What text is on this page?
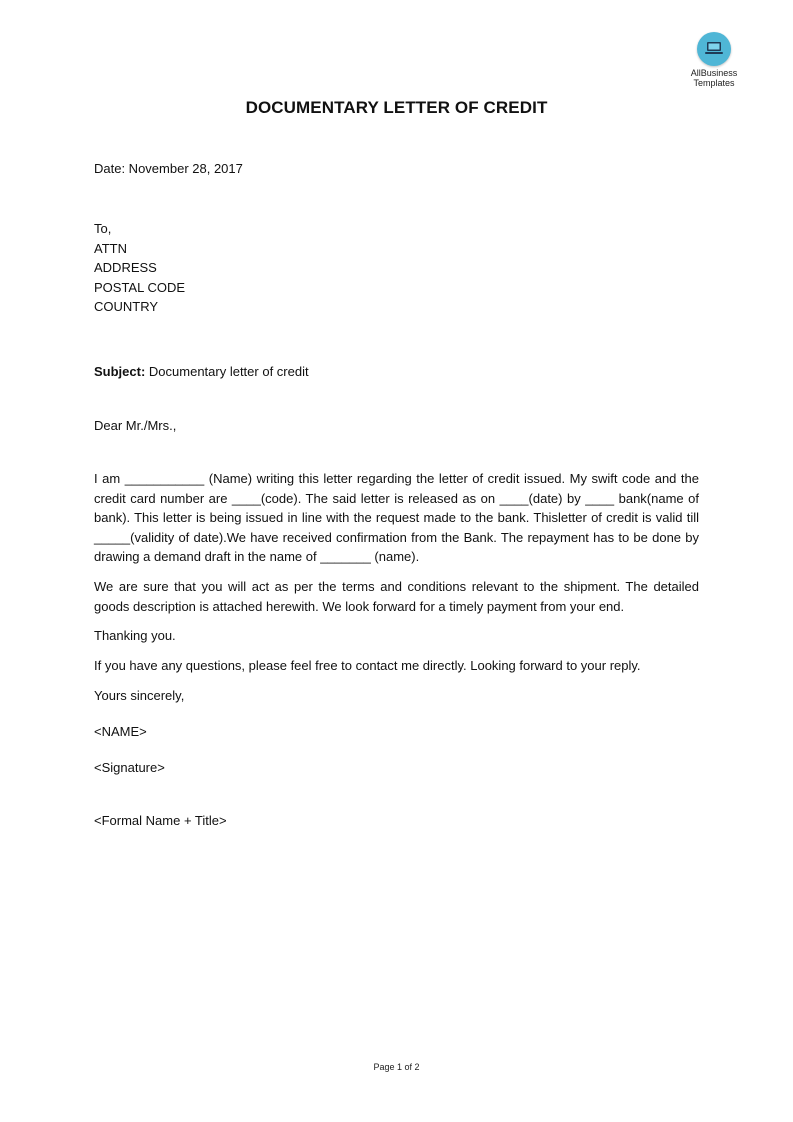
AllBusiness
Templates
DOCUMENTARY LETTER OF CREDIT
Date: November 28, 2017
To,
ATTN
ADDRESS
POSTAL CODE
COUNTRY
Subject: Documentary letter of credit
Dear Mr./Mrs.,
I am ___________ (Name) writing this letter regarding the letter of credit issued. My swift code and the credit card number are ____(code). The said letter is released as on ____(date) by ____ bank(name of bank). This letter is being issued in line with the request made to the bank. Thisletter of credit is valid till _____(validity of date).We have received confirmation from the Bank. The repayment has to be done by drawing a demand draft in the name of _______ (name).
We are sure that you will act as per the terms and conditions relevant to the shipment. The detailed goods description is attached herewith. We look forward for a timely payment from your end.
Thanking you.
If you have any questions, please feel free to contact me directly. Looking forward to your reply.
Yours sincerely,
<NAME>
<Signature>
<Formal Name + Title>
Page 1 of 2
